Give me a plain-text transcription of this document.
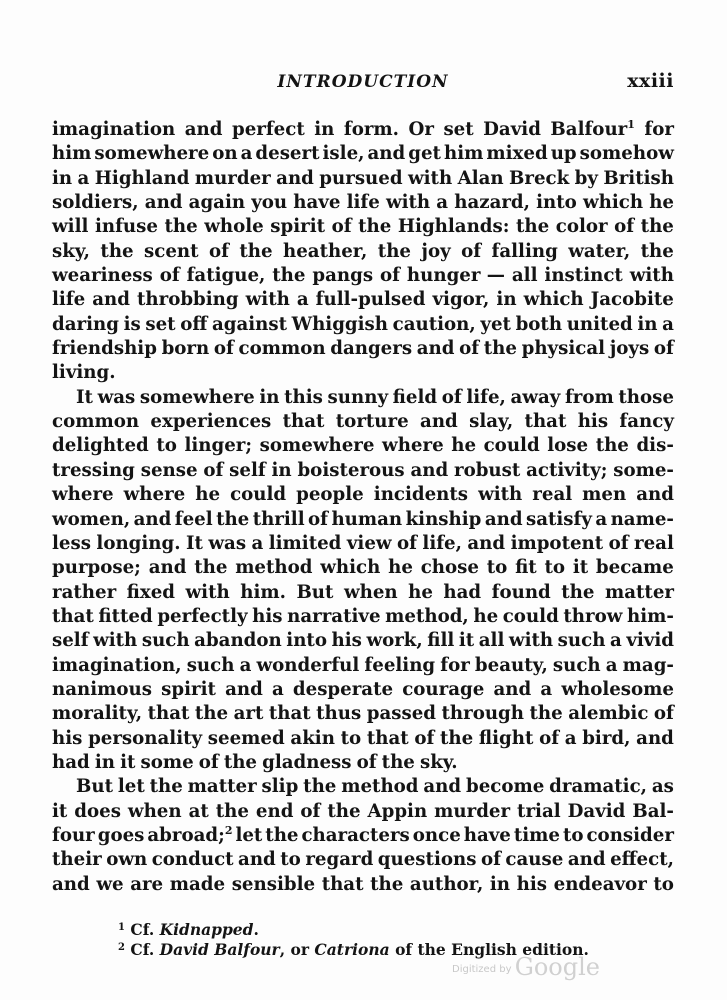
INTRODUCTION	xxiii
imagination and perfect in form. Or set David Balfour$^1$ for
him somewhere on a desert isle, and get him mixed up somehow
in a Highland murder and pursued with Alan Breck by British
soldiers, and again you have life with a hazard, into which he
will infuse the whole spirit of the Highlands: the color of the
sky, the scent of the heather, the joy of falling water, the
weariness of fatigue, the pangs of hunger — all instinct with
life and throbbing with a full-pulsed vigor, in which Jacobite
daring is set off against Whiggish caution, yet both united in a
friendship born of common dangers and of the physical joys of
living.
It was somewhere in this sunny field of life, away from those
common experiences that torture and slay, that his fancy
delighted to linger; somewhere where he could lose the dis-
tressing sense of self in boisterous and robust activity; some-
where where he could people incidents with real men and
women, and feel the thrill of human kinship and satisfy a name-
less longing. It was a limited view of life, and impotent of real
purpose; and the method which he chose to fit to it became
rather fixed with him. But when he had found the matter
that fitted perfectly his narrative method, he could throw him-
self with such abandon into his work, fill it all with such a vivid
imagination, such a wonderful feeling for beauty, such a mag-
nanimous spirit and a desperate courage and a wholesome
morality, that the art that thus passed through the alembic of
his personality seemed akin to that of the flight of a bird, and
had in it some of the gladness of the sky.
But let the matter slip the method and become dramatic, as
it does when at the end of the Appin murder trial David Bal-
four goes abroad;$^2$ let the characters once have time to consider
their own conduct and to regard questions of cause and effect,
and we are made sensible that the author, in his endeavor to
$^1$ Cf. Kidnapped.
$^2$ Cf. David Balfour, or Catriona of the English edition.
Digitized by Google
